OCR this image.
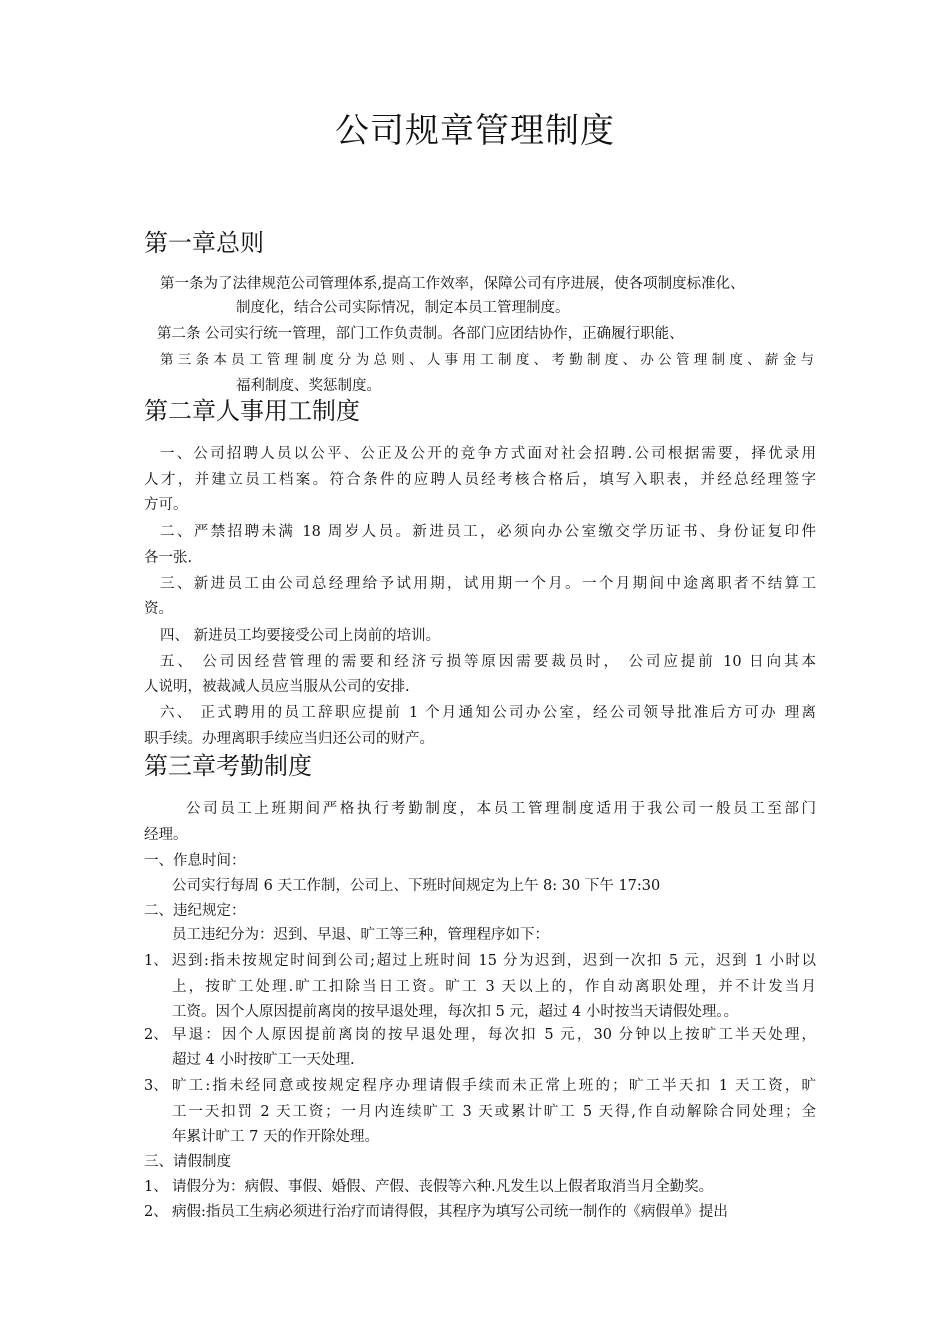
公司规章管理制度
第一章总则
第一条为了法律规范公司管理体系,提高工作效率，保障公司有序进展，使各项制度标准化、
制度化，结合公司实际情况，制定本员工管理制度。
第二条 公司实行统一管理，部门工作负责制。各部门应团结协作，正确履行职能、
第 三 条 本 员 工 管 理 制 度 分 为 总 则 、 人 事 用 工 制 度 、 考 勤 制 度 、 办 公 管 理 制 度 、 薪 金 与
福利制度、奖惩制度。
第二章人事用工制度
一、公司招聘人员以公平、公正及公开的竞争方式面对社会招聘.公司根据需要，择优录用
人才，并建立员工档案。符合条件的应聘人员经考核合格后，填写入职表，并经总经理签字
方可。
二、严禁招聘未满 18 周岁人员。新进员工，必须向办公室缴交学历证书、身份证复印件
各一张.
三、新进员工由公司总经理给予试用期，试用期一个月。一个月期间中途离职者不结算工
资。
四、 新进员工均要接受公司上岗前的培训。
五、 公司因经营管理的需要和经济亏损等原因需要裁员时， 公司应提前 10 日向其本
人说明，被裁减人员应当服从公司的安排.
六、 正式聘用的员工辞职应提前 1 个月通知公司办公室，经公司领导批准后方可办 理离
职手续。办理离职手续应当归还公司的财产。
第三章考勤制度
公司员工上班期间严格执行考勤制度，本员工管理制度适用于我公司一般员工至部门
经理。
一、作息时间：
公司实行每周 6 天工作制，公司上、下班时间规定为上午 8: 30 下午 17:30
二、违纪规定：
员工违纪分为：迟到、早退、旷工等三种，管理程序如下：
1、 迟到:指未按规定时间到公司;超过上班时间 15 分为迟到，迟到一次扣 5 元，迟到 1 小时以
上，按旷工处理.旷工扣除当日工资。旷工 3 天以上的，作自动离职处理，并不计发当月
工资。因个人原因提前离岗的按早退处理，每次扣 5 元，超过 4 小时按当天请假处理。。
2、 早退：因个人原因提前离岗的按早退处理，每次扣 5 元，30 分钟以上按旷工半天处理，
超过 4 小时按旷工一天处理.
3、 旷工:指未经同意或按规定程序办理请假手续而未正常上班的；旷工半天扣 1 天工资，旷
工一天扣罚 2 天工资；一月内连续旷工 3 天或累计旷工 5 天得,作自动解除合同处理；全
年累计旷工 7 天的作开除处理。
三、请假制度
1、 请假分为：病假、事假、婚假、产假、丧假等六种.凡发生以上假者取消当月全勤奖。
2、 病假:指员工生病必须进行治疗而请得假，其程序为填写公司统一制作的《病假单》提出
